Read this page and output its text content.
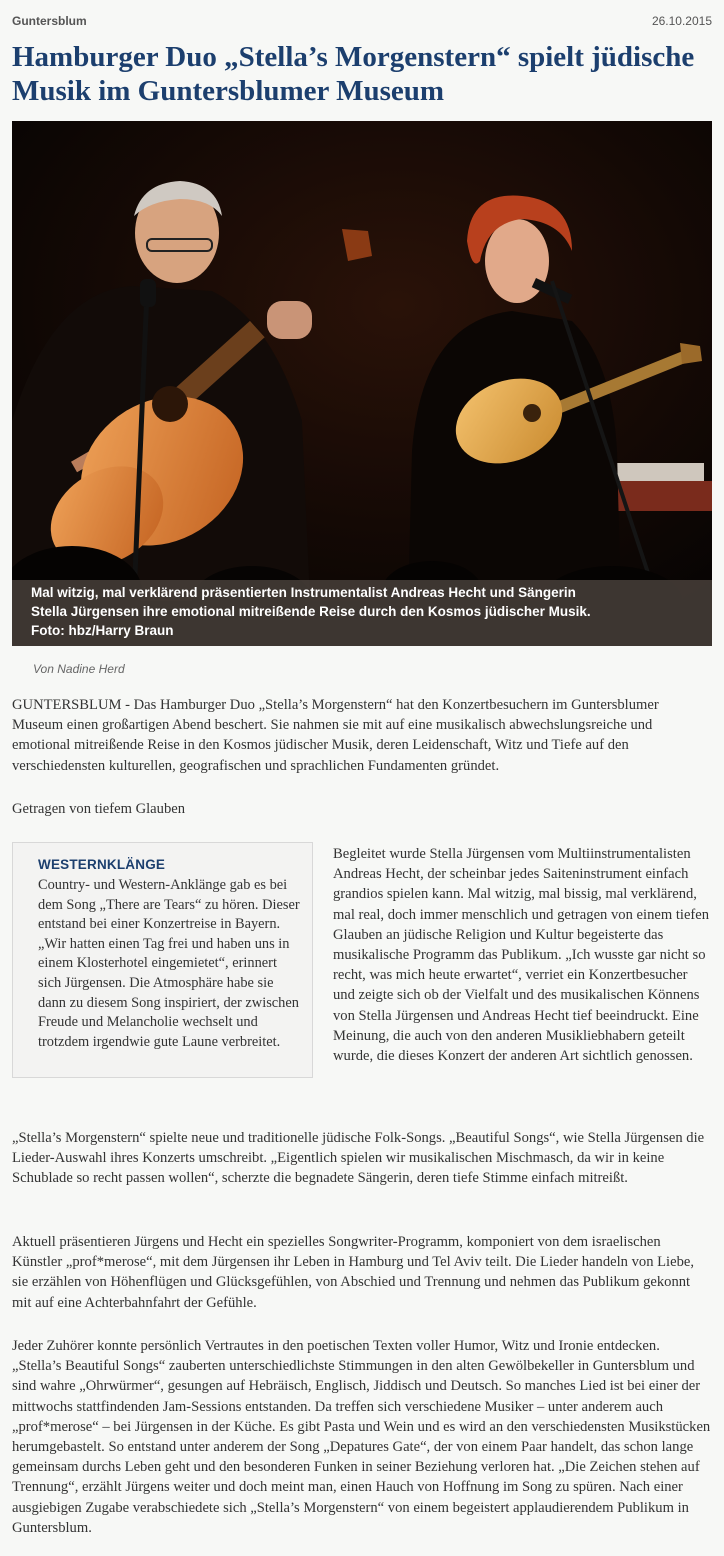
Guntersblum	26.10.2015
Hamburger Duo „Stella’s Morgenstern“ spielt jüdische Musik im Guntersblumer Museum
Mal witzig, mal verklärend präsentierten Instrumentalist Andreas Hecht und Sängerin
Stella Jürgensen ihre emotional mitreißende Reise durch den Kosmos jüdischer Musik.
Foto: hbz/Harry Braun
Von Nadine Herd

GUNTERSBLUM - Das Hamburger Duo „Stella’s Morgenstern“ hat den Konzertbesuchern im Guntersblumer Museum einen großartigen Abend beschert. Sie nahmen sie mit auf eine musikalisch abwechslungsreiche und emotional mitreißende Reise in den Kosmos jüdischer Musik, deren Leidenschaft, Witz und Tiefe auf den verschiedensten kulturellen, geografischen und sprachlichen Fundamenten gründet.

Getragen von tiefem Glauben

WESTERNKLÄNGE
Country- und Western-Anklänge gab es bei dem Song „There are Tears“ zu hören. Dieser entstand bei einer Konzertreise in Bayern. „Wir hatten einen Tag frei und haben uns in einem Klosterhotel eingemietet“, erinnert sich Jürgensen. Die Atmosphäre habe sie dann zu diesem Song inspiriert, der zwischen Freude und Melancholie wechselt und trotzdem irgendwie gute Laune verbreitet.

Begleitet wurde Stella Jürgensen vom Multiinstrumentalisten Andreas Hecht, der scheinbar jedes Saiteninstrument einfach grandios spielen kann. Mal witzig, mal bissig, mal verklärend, mal real, doch immer menschlich und getragen von einem tiefen Glauben an jüdische Religion und Kultur begeisterte das musikalische Programm das Publikum. „Ich wusste gar nicht so recht, was mich heute erwartet“, verriet ein Konzertbesucher und zeigte sich ob der Vielfalt und des musikalischen Könnens von Stella Jürgensen und Andreas Hecht tief beeindruckt. Eine Meinung, die auch von den anderen Musikliebhabern geteilt wurde, die dieses Konzert der anderen Art sichtlich genossen.

„Stella’s Morgenstern“ spielte neue und traditionelle jüdische Folk-Songs. „Beautiful Songs“, wie Stella Jürgensen die Lieder-Auswahl ihres Konzerts umschreibt. „Eigentlich spielen wir musikalischen Mischmasch, da wir in keine Schublade so recht passen wollen“, scherzte die begnadete Sängerin, deren tiefe Stimme einfach mitreißt.

Aktuell präsentieren Jürgens und Hecht ein spezielles Songwriter-Programm, komponiert von dem israelischen Künstler „prof*merose“, mit dem Jürgensen ihr Leben in Hamburg und Tel Aviv teilt. Die Lieder handeln von Liebe, sie erzählen von Höhenflügen und Glücksgefühlen, von Abschied und Trennung und nehmen das Publikum gekonnt mit auf eine Achterbahnfahrt der Gefühle.

Jeder Zuhörer konnte persönlich Vertrautes in den poetischen Texten voller Humor, Witz und Ironie entdecken. „Stella’s Beautiful Songs“ zauberten unterschiedlichste Stimmungen in den alten Gewölbekeller in Guntersblum und sind wahre „Ohrwürmer“, gesungen auf Hebräisch, Englisch, Jiddisch und Deutsch. So manches Lied ist bei einer der mittwochs stattfindenden Jam-Sessions entstanden. Da treffen sich verschiedene Musiker – unter anderem auch „prof*merose“ – bei Jürgensen in der Küche. Es gibt Pasta und Wein und es wird an den verschiedensten Musikstücken herumgebastelt. So entstand unter anderem der Song „Depatures Gate“, der von einem Paar handelt, das schon lange gemeinsam durchs Leben geht und den besonderen Funken in seiner Beziehung verloren hat. „Die Zeichen stehen auf Trennung“, erzählt Jürgens weiter und doch meint man, einen Hauch von Hoffnung im Song zu spüren. Nach einer ausgiebigen Zugabe verabschiedete sich „Stella’s Morgenstern“ von einem begeistert applaudierendem Publikum in Guntersblum.
